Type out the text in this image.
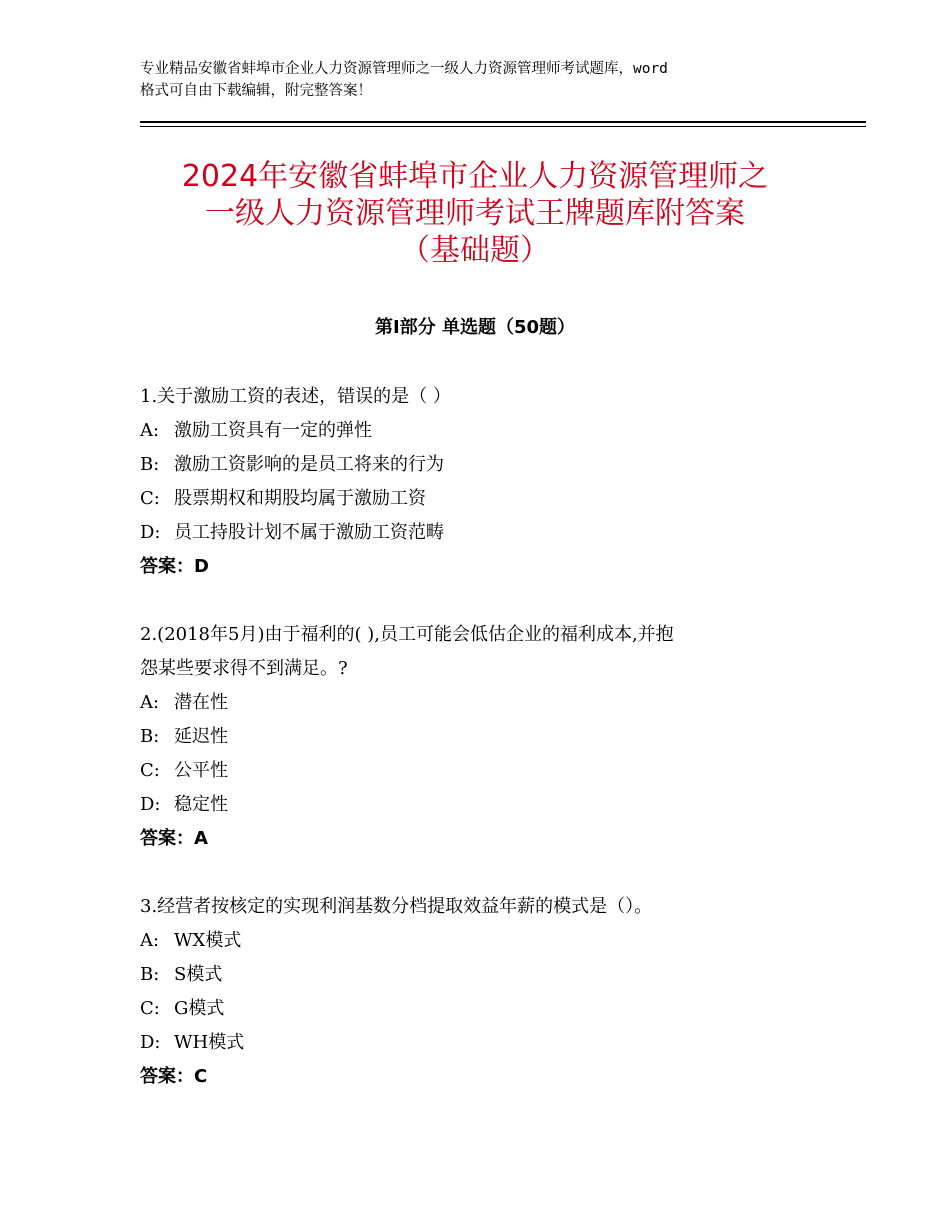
专业精品安徽省蚌埠市企业人力资源管理师之一级人力资源管理师考试题库，word
格式可自由下载编辑，附完整答案！
2024年安徽省蚌埠市企业人力资源管理师之
一级人力资源管理师考试王牌题库附答案
（基础题）
第Ⅰ部分 单选题（50题）
1.关于激励工资的表述，错误的是（ ）
A: 激励工资具有一定的弹性
B: 激励工资影响的是员工将来的行为
C: 股票期权和期股均属于激励工资
D: 员工持股计划不属于激励工资范畴
答案：D
2.(2018年5月)由于福利的( ),员工可能会低估企业的福利成本,并抱
怨某些要求得不到满足。?
A: 潜在性
B: 延迟性
C: 公平性
D: 稳定性
答案：A
3.经营者按核定的实现利润基数分档提取效益年薪的模式是（）。
A: WX模式
B: S模式
C: G模式
D: WH模式
答案：C
